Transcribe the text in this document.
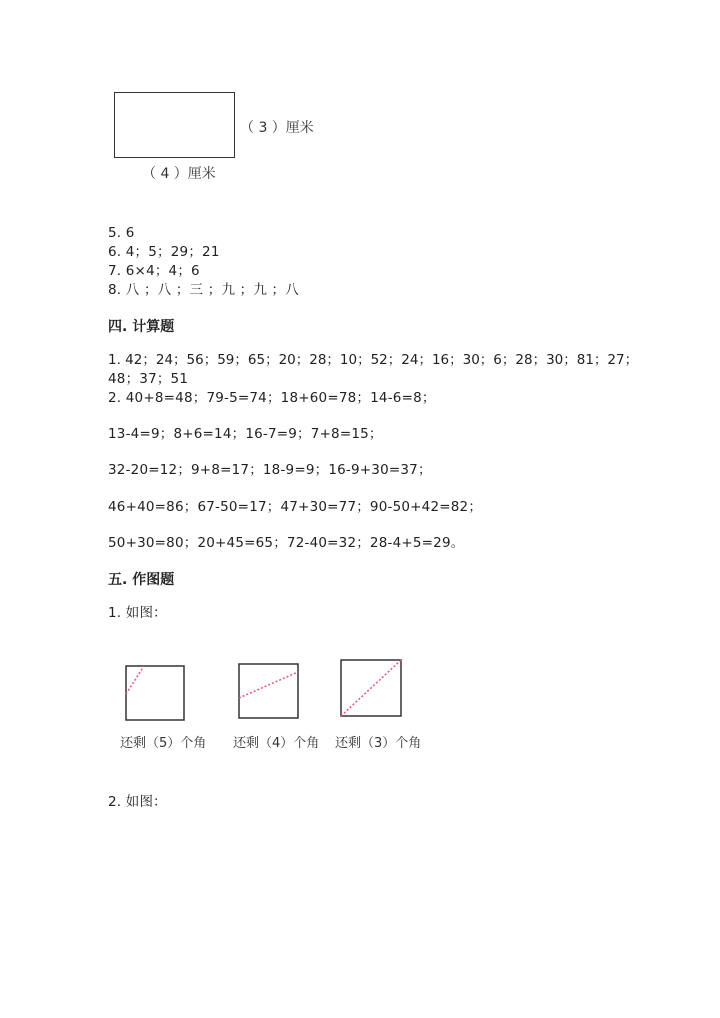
（ 3 ）厘米
（ 4 ）厘米
5. 6
6. 4；5；29；21
7. 6×4；4；6
8. 八 ；八 ；三 ；九 ；九 ；八
四. 计算题
1. 42；24；56；59；65；20；28；10；52；24；16；30；6；28；30；81；27；
48；37；51
2. 40+8=48；79-5=74；18+60=78；14-6=8；
13-4=9；8+6=14；16-7=9；7+8=15；
32-20=12；9+8=17；18-9=9；16-9+30=37；
46+40=86；67-50=17；47+30=77；90-50+42=82；
50+30=80；20+45=65；72-40=32；28-4+5=29。
五. 作图题
1. 如图：
还剩（5）个角 还剩（4）个角 还剩（3）个角
2. 如图：
